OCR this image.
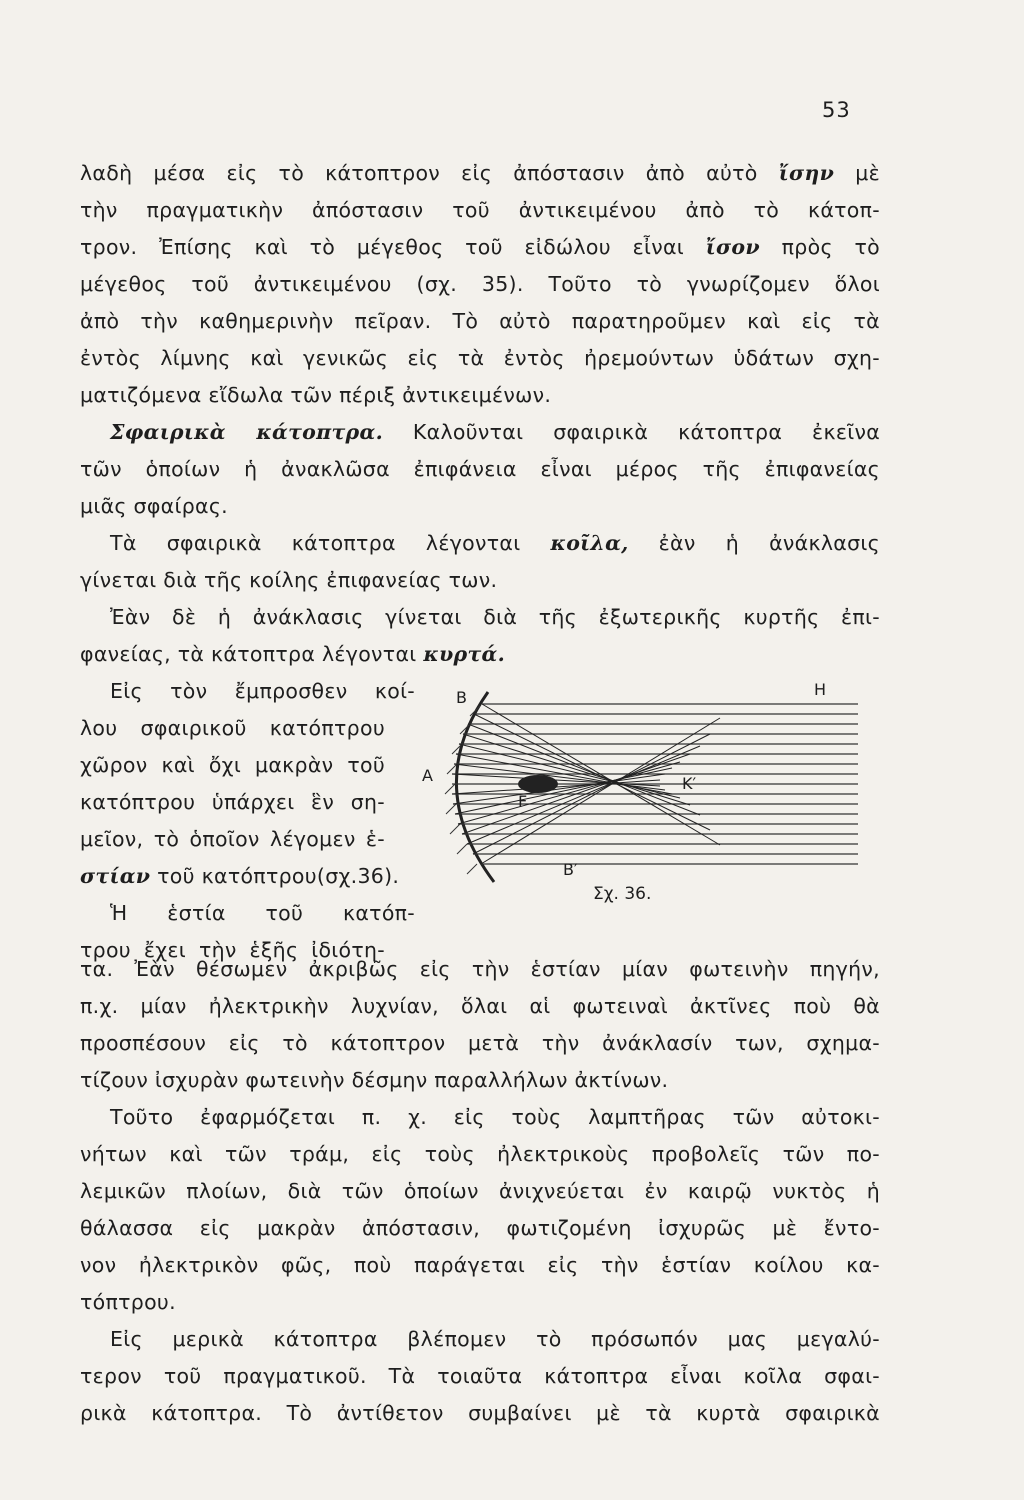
53
λαδὴ μέσα εἰς τὸ κάτοπτρον εἰς ἀπόστασιν ἀπὸ αὐτὸ ἴσην μὲ
τὴν πραγματικὴν ἀπόστασιν τοῦ ἀντικειμένου ἀπὸ τὸ κάτοπ-
τρον. Ἐπίσης καὶ τὸ μέγεθος τοῦ εἰδώλου εἶναι ἴσον πρὸς τὸ
μέγεθος τοῦ ἀντικειμένου (σχ. 35). Τοῦτο τὸ γνωρίζομεν ὅλοι
ἀπὸ τὴν καθημερινὴν πεῖραν. Τὸ αὐτὸ παρατηροῦμεν καὶ εἰς τὰ
ἐντὸς λίμνης καὶ γενικῶς εἰς τὰ ἐντὸς ἠρεμούντων ὑδάτων σχη-
ματιζόμενα εἴδωλα τῶν πέριξ ἀντικειμένων.
Σφαιρικὰ κάτοπτρα. Καλοῦνται σφαιρικὰ κάτοπτρα ἐκεῖνα
τῶν ὁποίων ἡ ἀνακλῶσα ἐπιφάνεια εἶναι μέρος τῆς ἐπιφανείας
μιᾶς σφαίρας.
Τὰ σφαιρικὰ κάτοπτρα λέγονται κοῖλα, ἐὰν ἡ ἀνάκλασις
γίνεται διὰ τῆς κοίλης ἐπιφανείας των.
Ἐὰν δὲ ἡ ἀνάκλασις γίνεται διὰ τῆς ἐξωτερικῆς κυρτῆς ἐπι-
φανείας, τὰ κάτοπτρα λέγονται κυρτά.
Εἰς τὸν ἔμπροσθεν κοί-
λου σφαιρικοῦ κατόπτρου
χῶρον καὶ ὄχι μακρὰν τοῦ
κατόπτρου ὑπάρχει ἓν ση-
μεῖον, τὸ ὁποῖον λέγομεν ἑ-
στίαν τοῦ κατόπτρου(σχ.36).
Ἡ ἑστία τοῦ κατόπ-
τρου ἔχει τὴν ἑξῆς ἰδιότη-
B	H
A
F
K′
B′
Σχ. 36.
τα. Ἐὰν θέσωμεν ἀκριβῶς εἰς τὴν ἑστίαν μίαν φωτεινὴν πηγήν,
π.χ. μίαν ἠλεκτρικὴν λυχνίαν, ὅλαι αἱ φωτειναὶ ἀκτῖνες ποὺ θὰ
προσπέσουν εἰς τὸ κάτοπτρον μετὰ τὴν ἀνάκλασίν των, σχημα-
τίζουν ἰσχυρὰν φωτεινὴν δέσμην παραλλήλων ἀκτίνων.
Τοῦτο ἐφαρμόζεται π. χ. εἰς τοὺς λαμπτῆρας τῶν αὐτοκι-
νήτων καὶ τῶν τράμ, εἰς τοὺς ἠλεκτρικοὺς προβολεῖς τῶν πο-
λεμικῶν πλοίων, διὰ τῶν ὁποίων ἀνιχνεύεται ἐν καιρῷ νυκτὸς ἡ
θάλασσα εἰς μακρὰν ἀπόστασιν, φωτιζομένη ἰσχυρῶς μὲ ἔντο-
νον ἠλεκτρικὸν φῶς, ποὺ παράγεται εἰς τὴν ἑστίαν κοίλου κα-
τόπτρου.
Εἰς μερικὰ κάτοπτρα βλέπομεν τὸ πρόσωπόν μας μεγαλύ-
τερον τοῦ πραγματικοῦ. Τὰ τοιαῦτα κάτοπτρα εἶναι κοῖλα σφαι-
ρικὰ κάτοπτρα. Τὸ ἀντίθετον συμβαίνει μὲ τὰ κυρτὰ σφαιρικὰ
